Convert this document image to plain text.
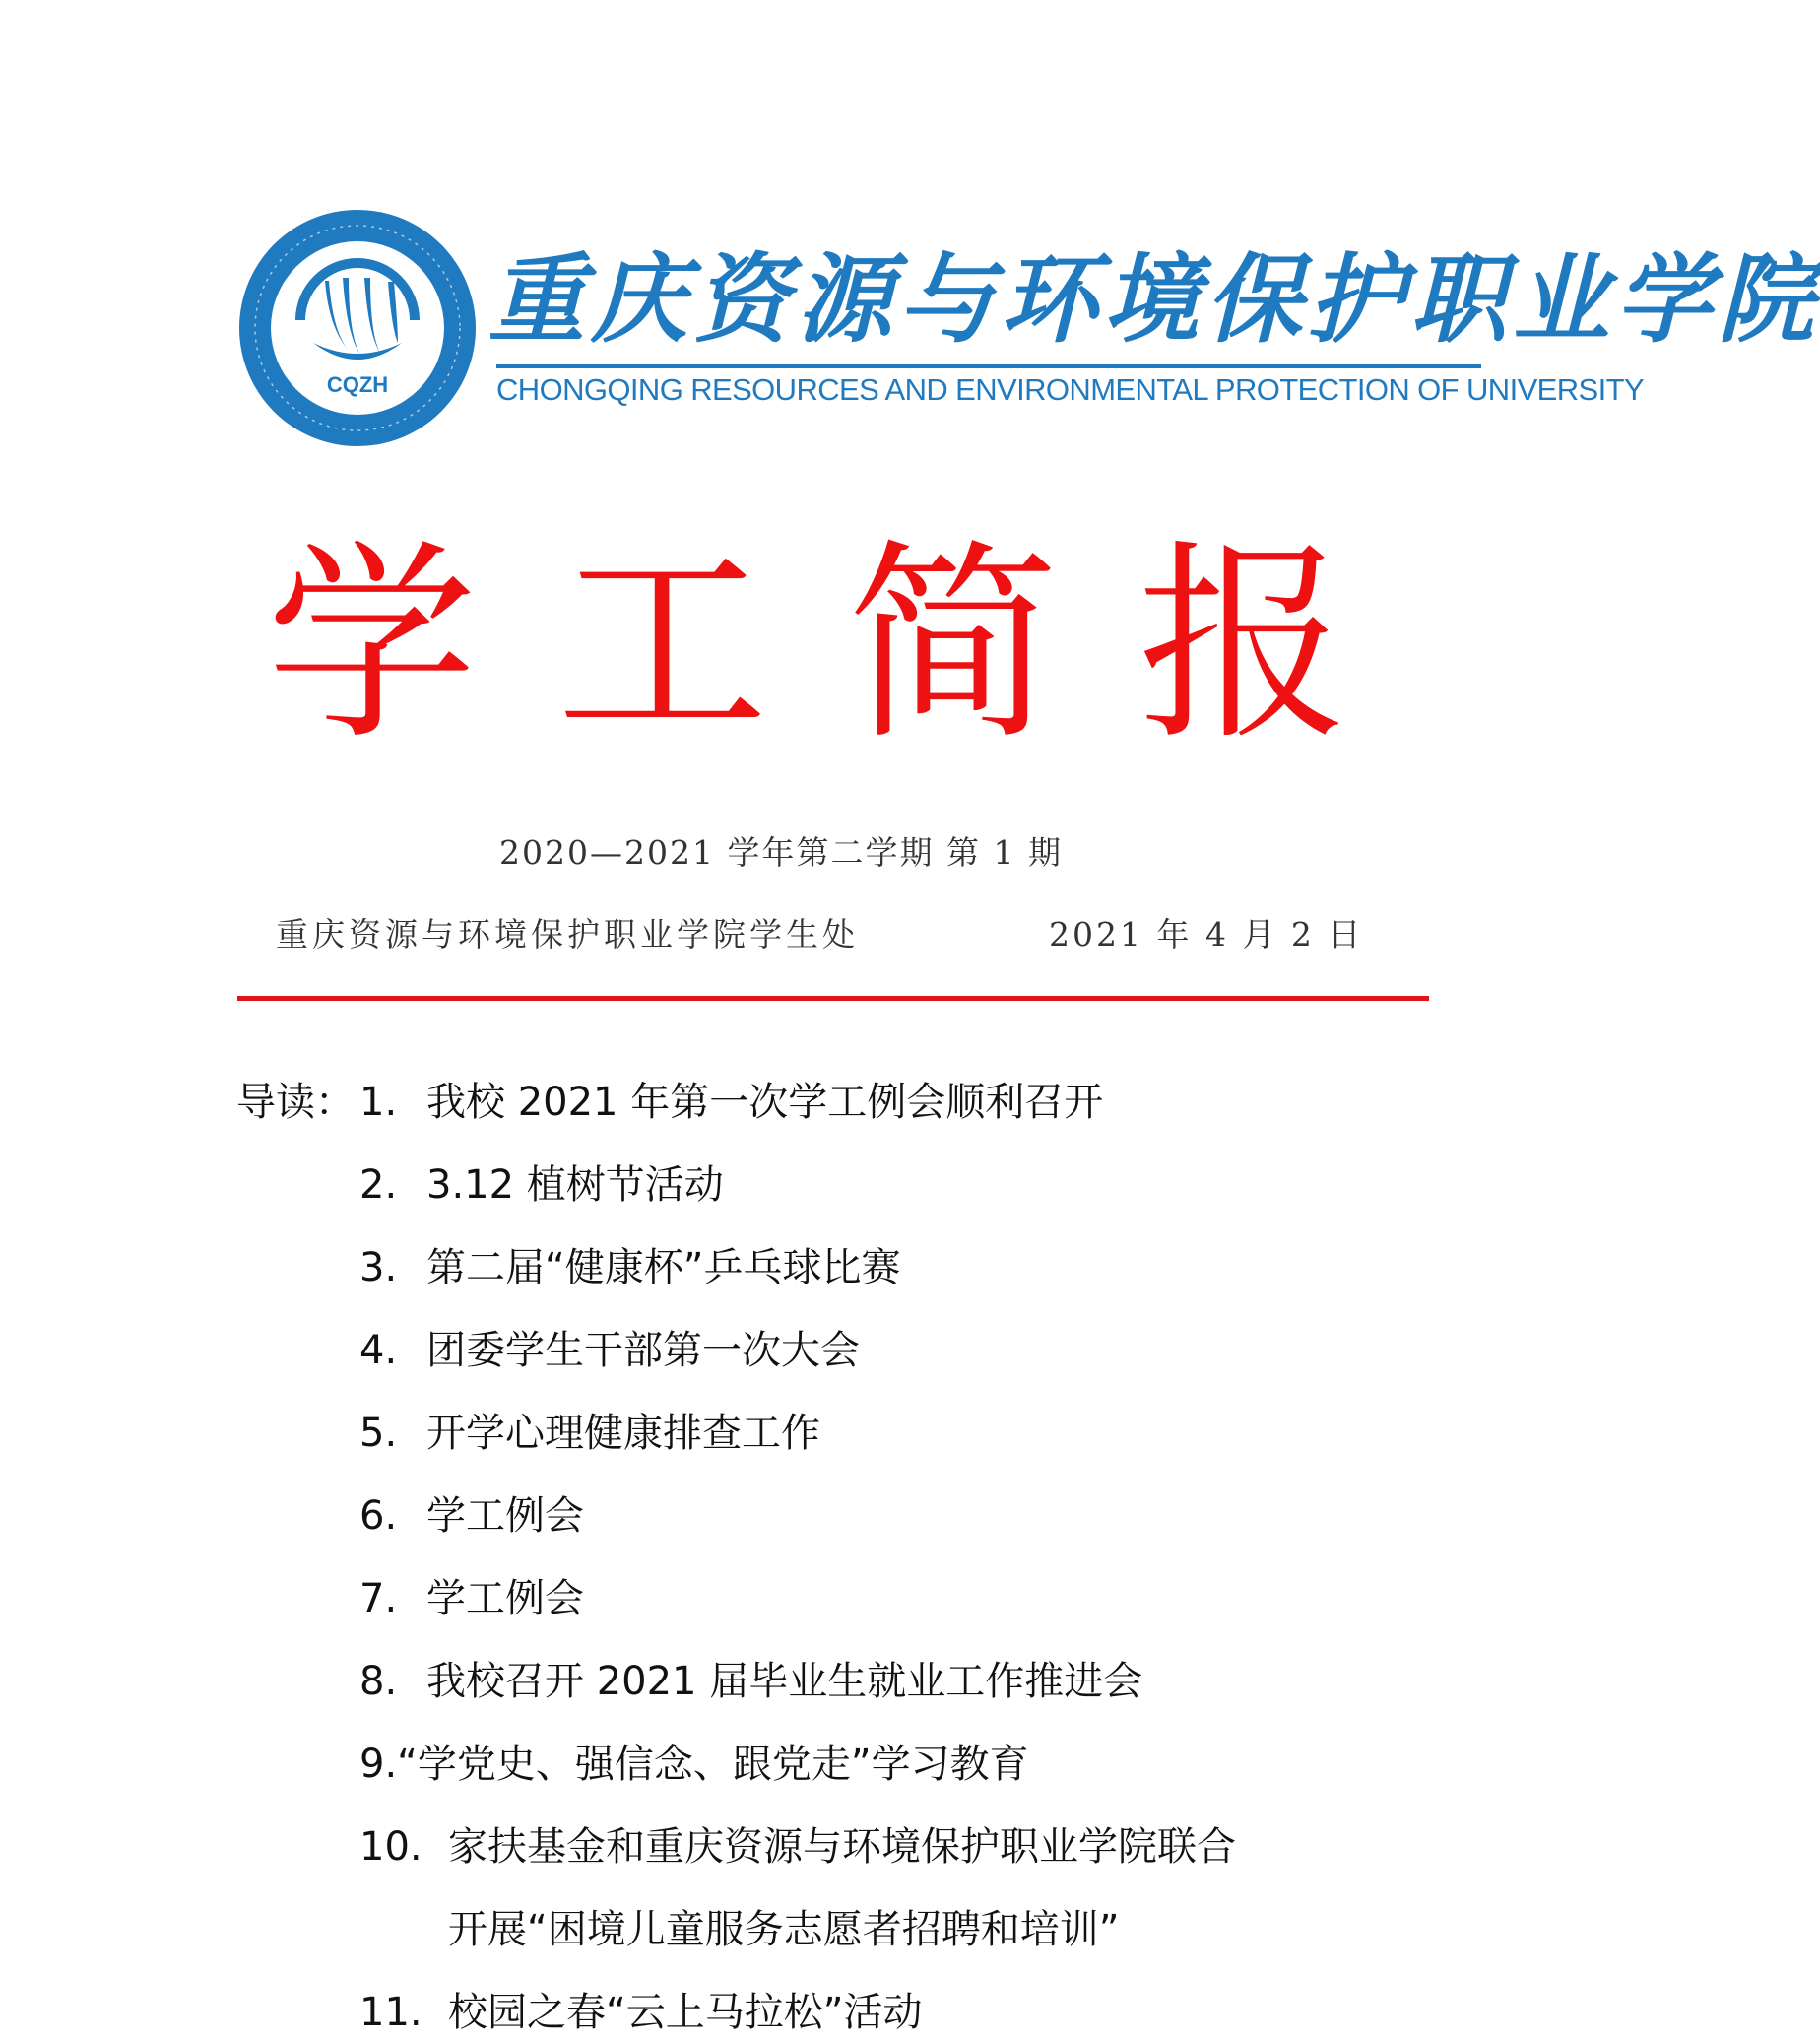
CQZH
重庆资源与环境保护职业学院
CHONGQING RESOURCES AND ENVIRONMENTAL PROTECTION OF UNIVERSITY
学 工 简 报
2020—2021 学年第二学期 第 1 期
重庆资源与环境保护职业学院学生处	2021 年 4 月 2 日
导读： 1. 我校 2021 年第一次学工例会顺利召开
2. 3.12 植树节活动
3. 第二届“健康杯”乒乓球比赛
4. 团委学生干部第一次大会
5. 开学心理健康排查工作
6. 学工例会
7. 学工例会
8. 我校召开 2021 届毕业生就业工作推进会
9.“学党史、强信念、跟党走”学习教育
10. 家扶基金和重庆资源与环境保护职业学院联合
开展“困境儿童服务志愿者招聘和培训”
11. 校园之春“云上马拉松”活动
